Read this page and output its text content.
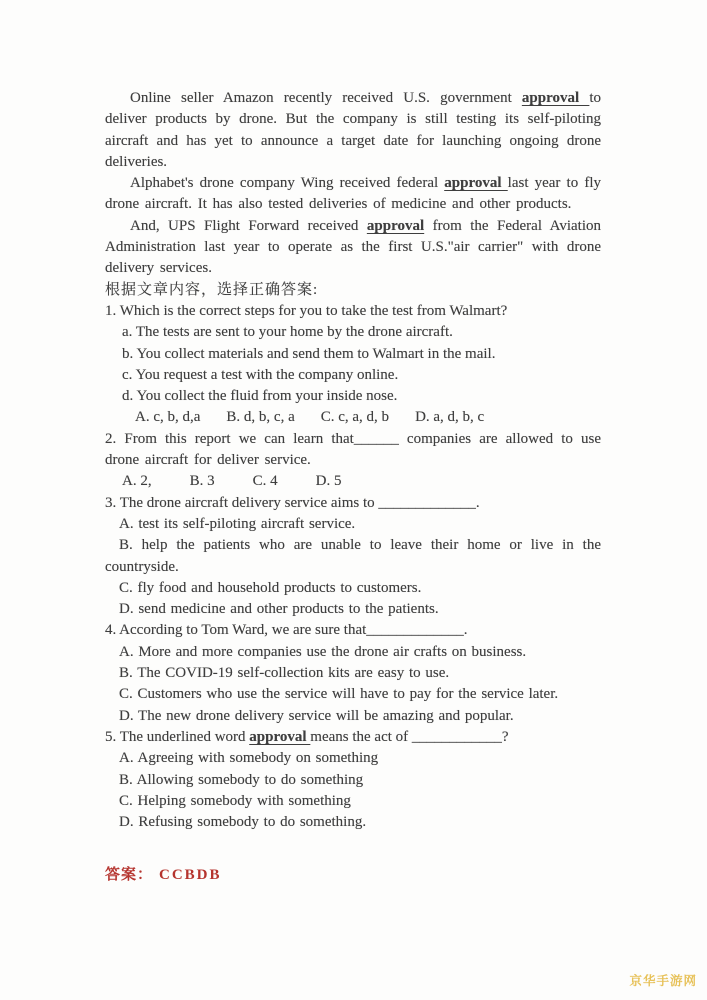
Online seller Amazon recently received U.S. government approval to deliver products by drone. But the company is still testing its self-piloting aircraft and has yet to announce a target date for launching ongoing drone deliveries.

Alphabet's drone company Wing received federal approval last year to fly drone aircraft. It has also tested deliveries of medicine and other products.

And, UPS Flight Forward received approval from the Federal Aviation Administration last year to operate as the first U.S."air carrier" with drone delivery services.

根据文章内容，选择正确答案:
1. Which is the correct steps for you to take the test from Walmart?
a. The tests are sent to your home by the drone aircraft.
b. You collect materials and send them to Walmart in the mail.
c. You request a test with the company online.
d. You collect the fluid from your inside nose.
A. c, b, d,a B. d, b, c, a C. c, a, d, b D. a, d, b, c
2. From this report we can learn that______ companies are allowed to use drone aircraft for deliver service.
A. 2,	B. 3	C. 4	D. 5
3. The drone aircraft delivery service aims to _____________.
A. test its self-piloting aircraft service.
B. help the patients who are unable to leave their home or live in the countryside.
C. fly food and household products to customers.
D. send medicine and other products to the patients.
4. According to Tom Ward, we are sure that_____________.
A. More and more companies use the drone air crafts on business.
B. The COVID-19 self-collection kits are easy to use.
C. Customers who use the service will have to pay for the service later.
D. The new drone delivery service will be amazing and popular.
5. The underlined word approval means the act of ____________?
A. Agreeing with somebody on something
B. Allowing somebody to do something
C. Helping somebody with something
D. Refusing somebody to do something.
答案： CCBDB
京华手游网
